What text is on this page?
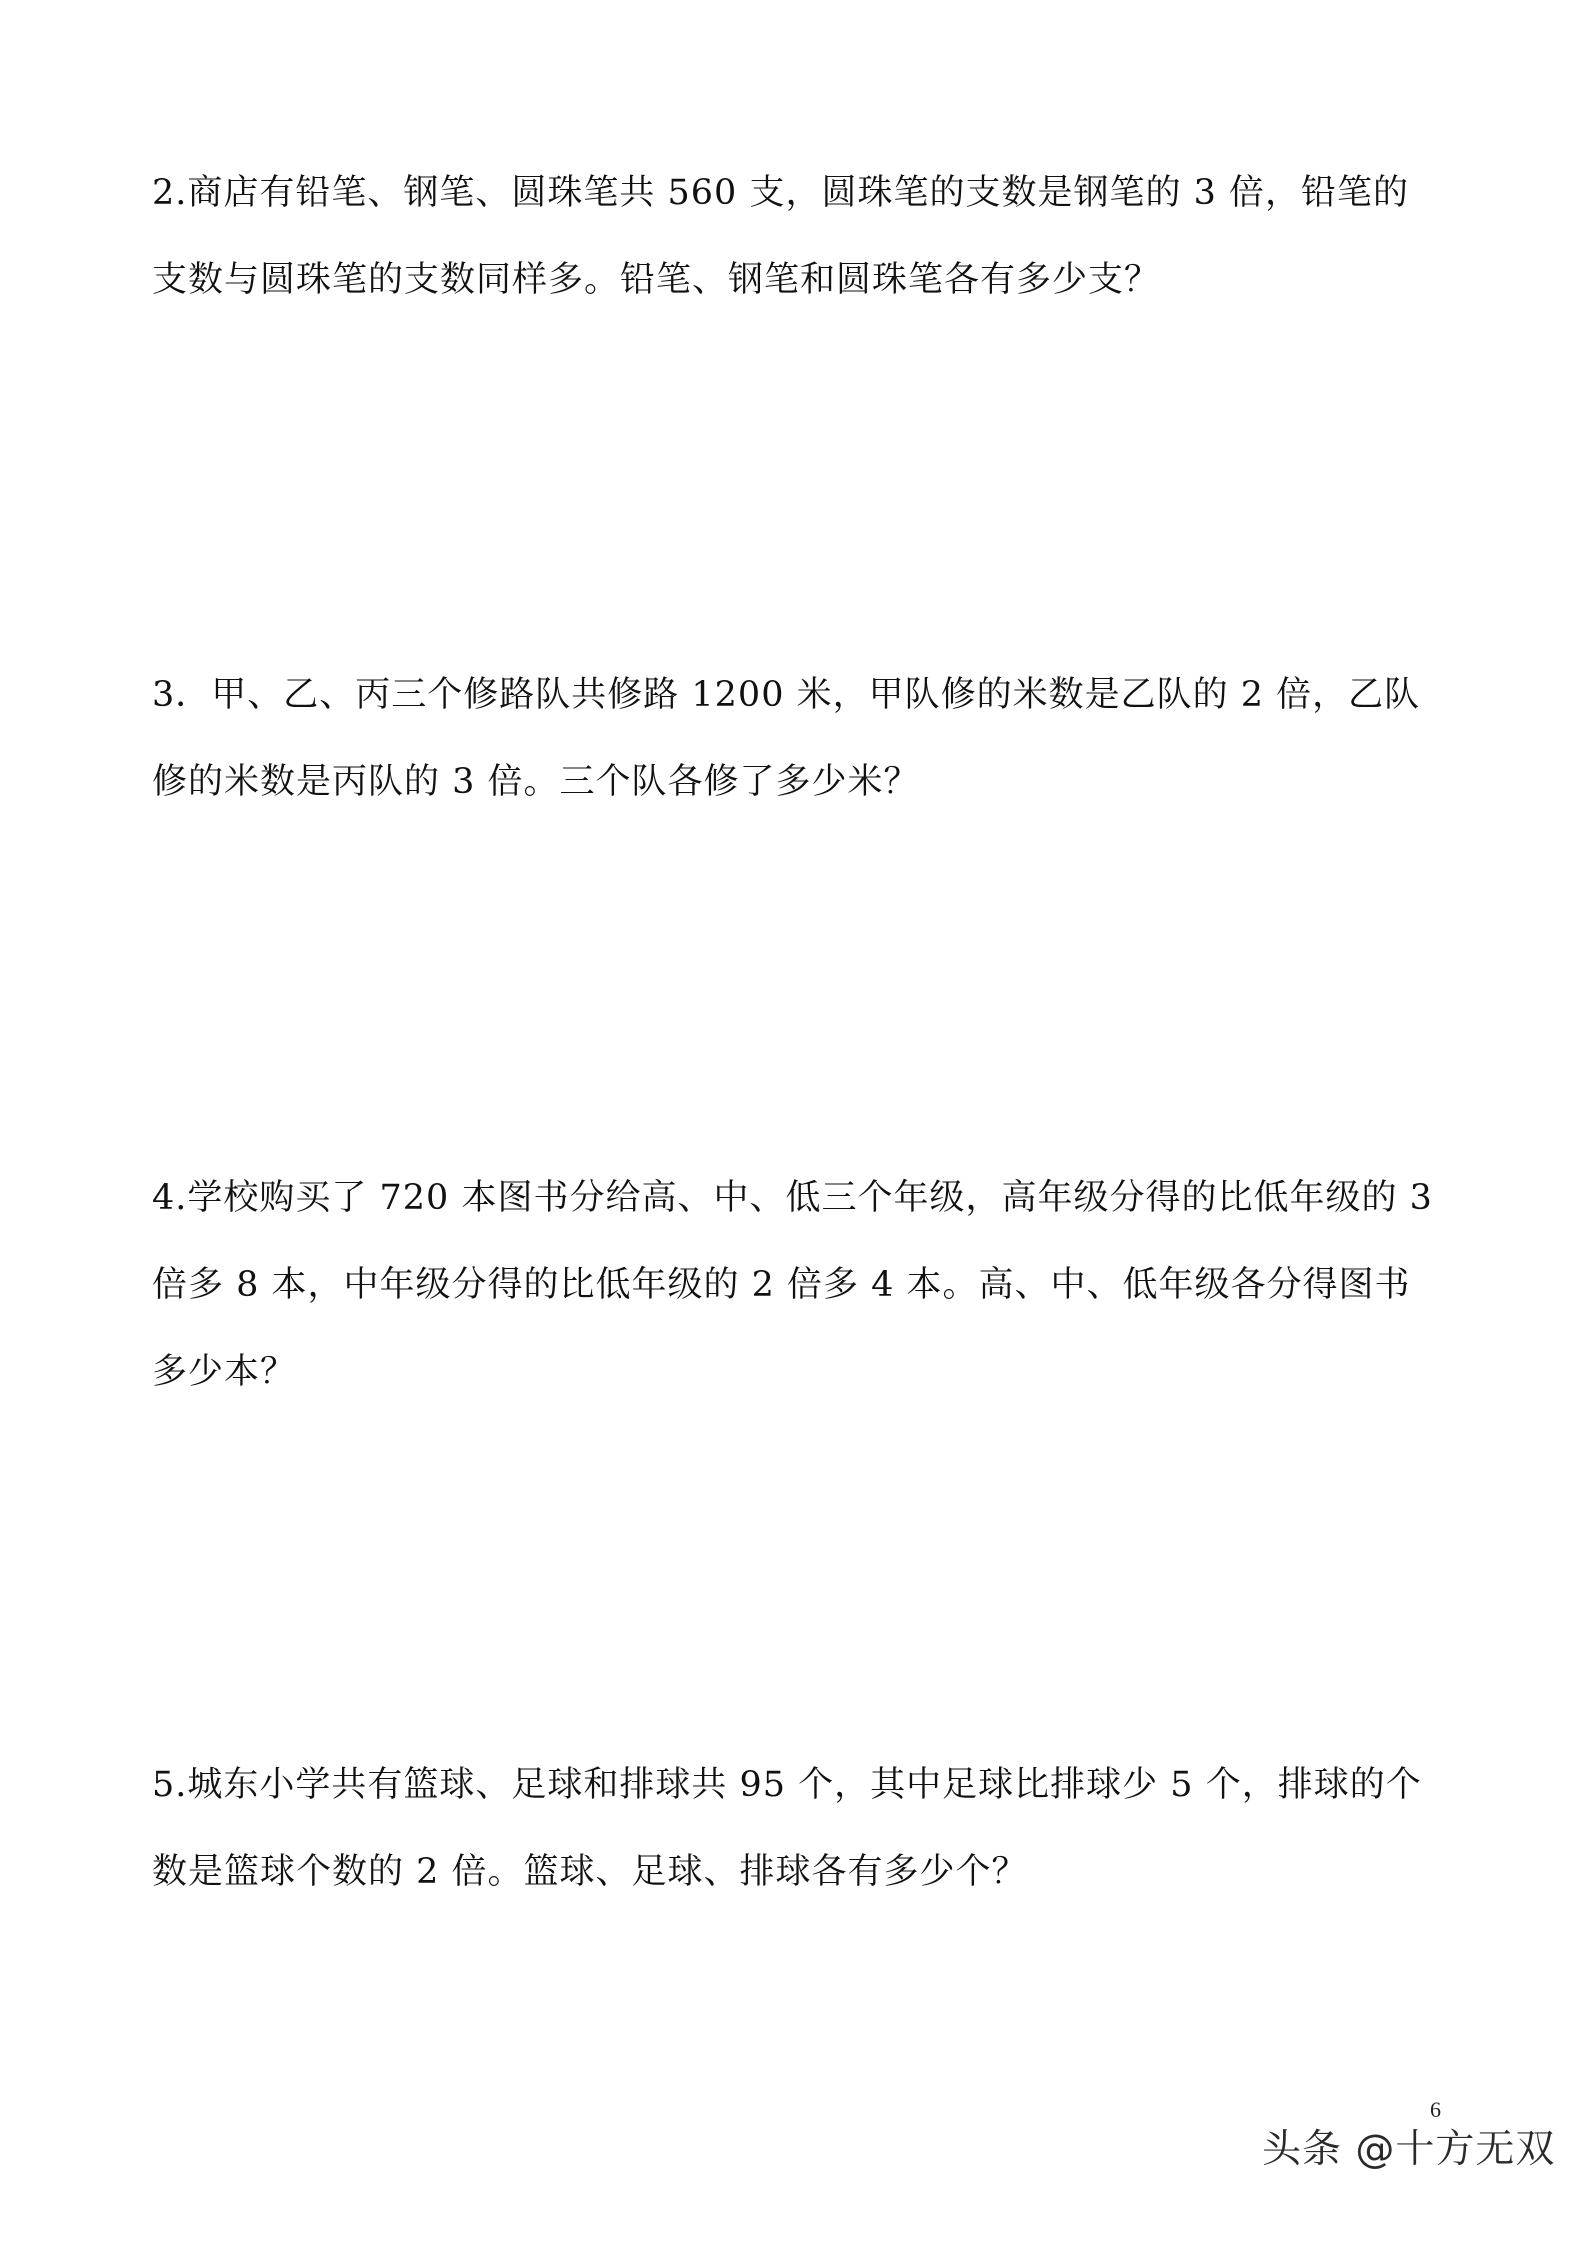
2.商店有铅笔、钢笔、圆珠笔共 560 支，圆珠笔的支数是钢笔的 3 倍，铅笔的
支数与圆珠笔的支数同样多。铅笔、钢笔和圆珠笔各有多少支？

3．甲、乙、丙三个修路队共修路 1200 米，甲队修的米数是乙队的 2 倍，乙队
修的米数是丙队的 3 倍。三个队各修了多少米？

4.学校购买了 720 本图书分给高、中、低三个年级，高年级分得的比低年级的 3
倍多 8 本，中年级分得的比低年级的 2 倍多 4 本。高、中、低年级各分得图书
多少本？

5.城东小学共有篮球、足球和排球共 95 个，其中足球比排球少 5 个，排球的个
数是篮球个数的 2 倍。篮球、足球、排球各有多少个？

6
头条 @十方无双
